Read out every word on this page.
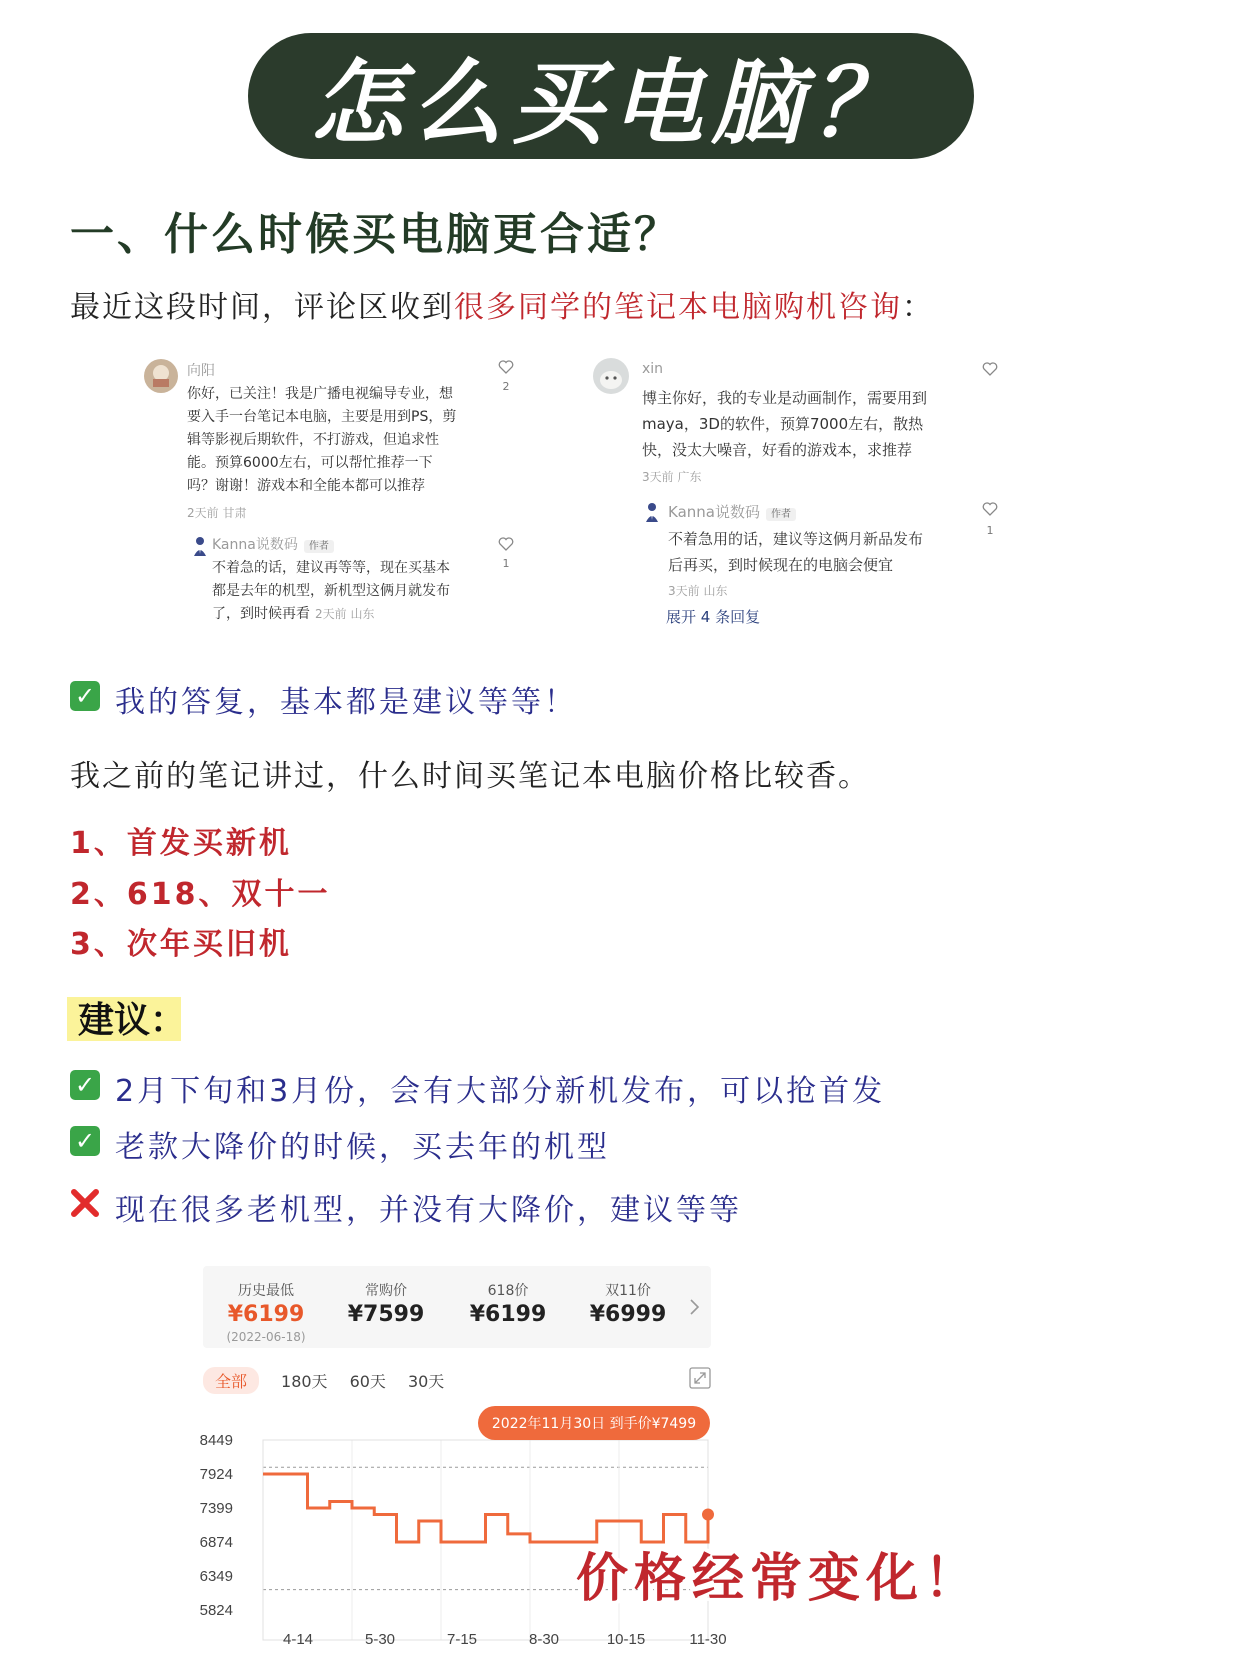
怎么买电脑？
一、什么时候买电脑更合适？
最近这段时间，评论区收到很多同学的笔记本电脑购机咨询：
向阳
你好，已关注！我是广播电视编导专业，想
要入手一台笔记本电脑，主要是用到PS，剪
辑等影视后期软件，不打游戏，但追求性
能。预算6000左右，可以帮忙推荐一下
吗？谢谢！游戏本和全能本都可以推荐
2天前 甘肃
2
Kanna说数码 作者
不着急的话，建议再等等，现在买基本
都是去年的机型，新机型这俩月就发布
了，到时候再看 2天前 山东
1
xin
博主你好，我的专业是动画制作，需要用到
maya，3D的软件，预算7000左右，散热
快，没太大噪音，好看的游戏本，求推荐
3天前 广东
Kanna说数码 作者
不着急用的话，建议等这俩月新品发布
后再买，到时候现在的电脑会便宜
3天前 山东
展开 4 条回复
1
✓ 我的答复，基本都是建议等等！
我之前的笔记讲过，什么时间买笔记本电脑价格比较香。
1、首发买新机
2、618、双十一
3、次年买旧机
建议：
✓ 2月下旬和3月份，会有大部分新机发布，可以抢首发
✓ 老款大降价的时候，买去年的机型
现在很多老机型，并没有大降价，建议等等
历史最低
¥6199
(2022-06-18)
常购价
¥7599
618价
¥6199
双11价
¥6999
全部	180天 60天 30天
8449
7924
7399
6874
6349
5824
4-14	5-30	7-15	8-30	10-15	11-30
2022年11月30日 到手价¥7499
价格经常变化！
